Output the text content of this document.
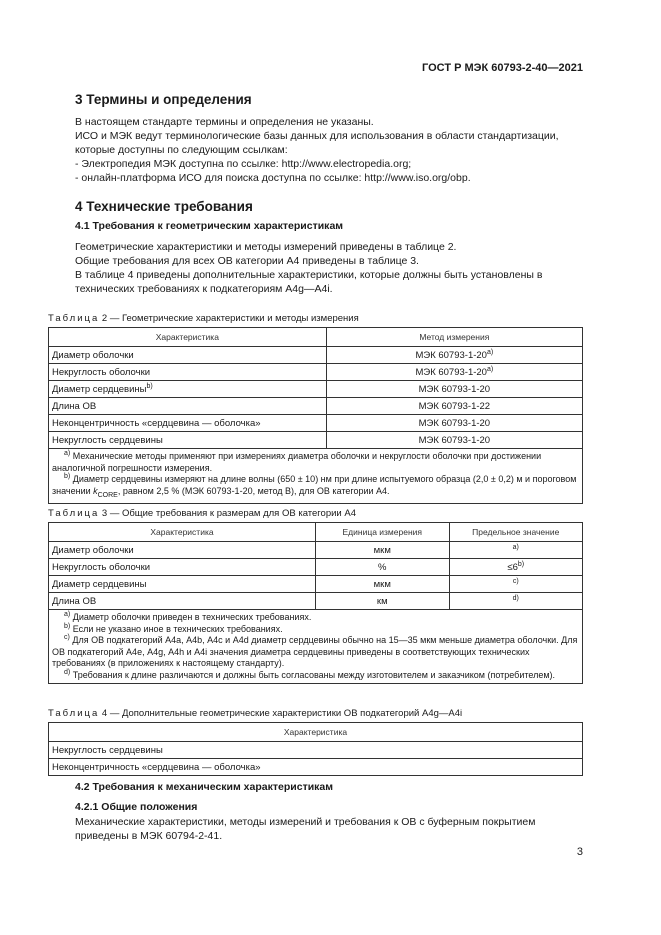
ГОСТ Р МЭК 60793-2-40—2021
3 Термины и определения

В настоящем стандарте термины и определения не указаны.

ИСО и МЭК ведут терминологические базы данных для использования в области стандартизации, которые доступны по следующим ссылкам:

- Электропедия МЭК доступна по ссылке: http://www.electropedia.org;

- онлайн-платформа ИСО для поиска доступна по ссылке: http://www.iso.org/obp.

4 Технические требования
4.1 Требования к геометрическим характеристикам

Геометрические характеристики и методы измерений приведены в таблице 2.

Общие требования для всех ОВ категории А4 приведены в таблице 3.

В таблице 4 приведены дополнительные характеристики, которые должны быть установлены в технических требованиях к подкатегориям А4g—А4i.

Таблица 2 — Геометрические характеристики и методы измерения
Характеристика	Метод измерения
Диаметр оболочки	МЭК $60793-1-20^{а)}$
Некруглость оболочки	МЭК $60793-1-20^{а)}$
Диаметр сердцевины$^{b)}$	МЭК 60793-1-20
Длина ОВ	МЭК 60793-1-22
Неконцентричность «сердцевина — оболочка»	МЭК 60793-1-20
Некруглость сердцевины	МЭК 60793-1-20

$^{а)}$ Механические методы применяют при измерениях диаметра оболочки и некруглости оболочки при достижении аналогичной погрешности измерения.

$^{b)}$ Диаметр сердцевины измеряют на длине волны (650 ± 10) нм при длине испытуемого образца (2,0 ± 0,2) м и пороговом значении $k_{CORE}$, равном 2,5 % (МЭК 60793-1-20, метод В), для ОВ категории А4.

Таблица 3 — Общие требования к размерам для ОВ категории А4
Характеристика	Единица измерения	Предельное значение
Диаметр оболочки	мкм	$^{а)}$
Некруглость оболочки	%	$\le 6^{b)}$
Диаметр сердцевины	мкм	$^{c)}$
Длина ОВ	км	$^{d)}$

$^{а)}$ Диаметр оболочки приведен в технических требованиях.

$^{b)}$ Если не указано иное в технических требованиях.

$^{c)}$ Для ОВ подкатегорий А4а, А4b, А4с и А4d диаметр сердцевины обычно на 15—35 мкм меньше диаметра оболочки. Для ОВ подкатегорий А4е, А4g, А4h и А4i значения диаметра сердцевины приведены в соответствующих технических требованиях (в приложениях к настоящему стандарту).

$^{d)}$ Требования к длине различаются и должны быть согласованы между изготовителем и заказчиком (потребителем).

Таблица 4 — Дополнительные геометрические характеристики ОВ подкатегорий А4g—А4i
Характеристика
Некруглость сердцевины
Неконцентричность «сердцевина — оболочка»
4.2 Требования к механическим характеристикам
4.2.1 Общие положения

Механические характеристики, методы измерений и требования к ОВ с буферным покрытием приведены в МЭК 60794-2-41.

3
